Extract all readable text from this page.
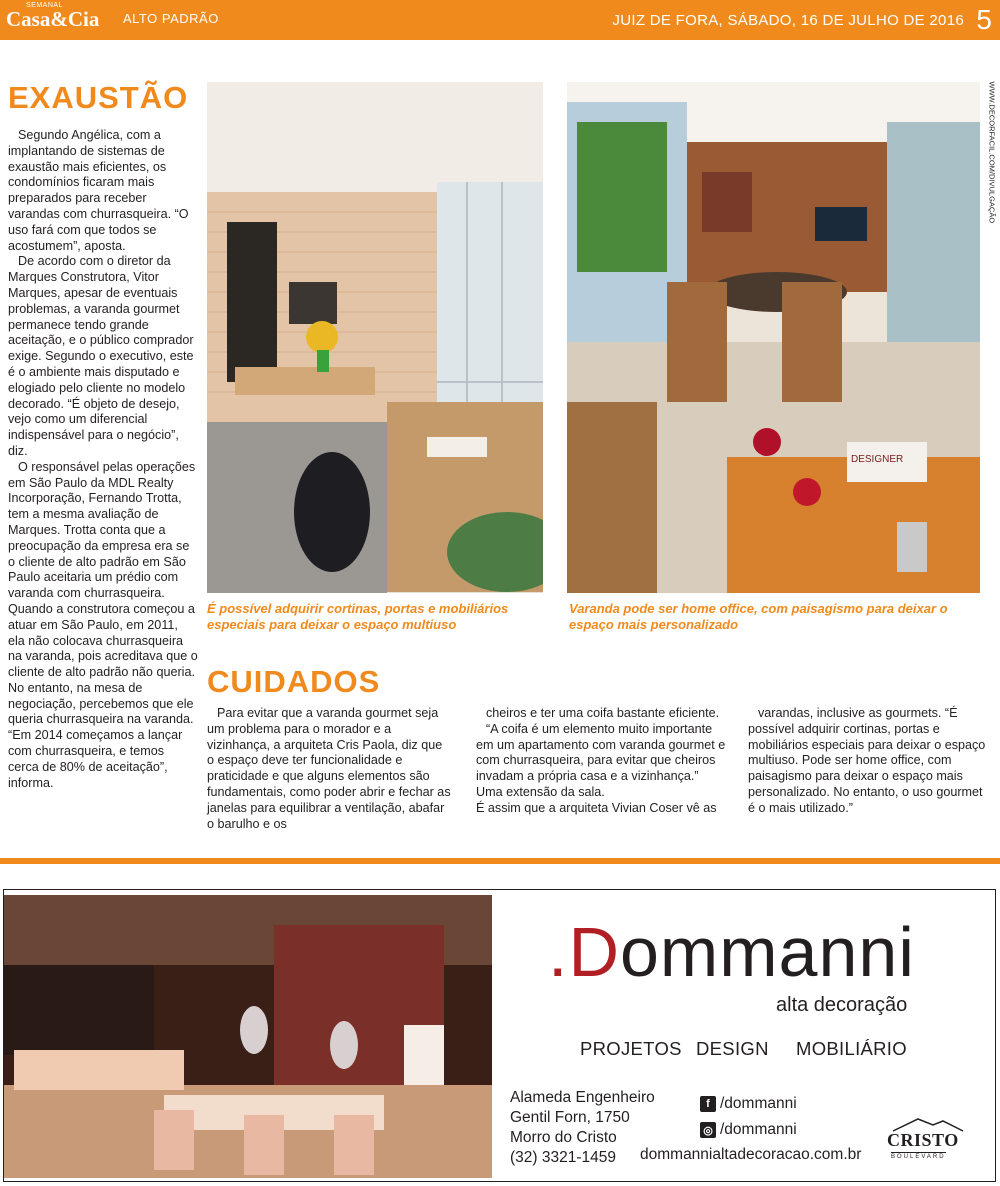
SEMANAL
Casa&Cia ALTO PADRÃO	JUIZ DE FORA, SÁBADO, 16 DE JULHO DE 2016 5
EXAUSTÃO

Segundo Angélica, com a implantando de sistemas de exaustão mais eficientes, os condomínios ficaram mais preparados para receber varandas com churrasqueira. “O uso fará com que todos se acostumem”, aposta.

De acordo com o diretor da Marques Construtora, Vitor Marques, apesar de eventuais problemas, a varanda gourmet permanece tendo grande aceitação, e o público comprador exige. Segundo o executivo, este é o ambiente mais disputado e elogiado pelo cliente no modelo decorado. “É objeto de desejo, vejo como um diferencial indispensável para o negócio”, diz.

O responsável pelas operações em São Paulo da MDL Realty Incorporação, Fernando Trotta, tem a mesma avaliação de Marques. Trotta conta que a preocupação da empresa era se o cliente de alto padrão em São Paulo aceitaria um prédio com varanda com churrasqueira. Quando a construtora começou a atuar em São Paulo, em 2011, ela não colocava churrasqueira na varanda, pois acreditava que o cliente de alto padrão não queria. No entanto, na mesa de negociação, percebemos que ele queria churrasqueira na varanda. “Em 2014 começamos a lançar com churrasqueira, e temos cerca de 80% de aceitação”, informa.

DESIGNER
WWW.DECORFACIL.COM/DIVULGAÇÃO
É possível adquirir cortinas, portas e mobiliários especiais para deixar o espaço multiuso
Varanda pode ser home office, com paisagismo para deixar o espaço mais personalizado
CUIDADOS

Para evitar que a varanda gourmet seja um problema para o morador e a vizinhança, a arquiteta Cris Paola, diz que o espaço deve ter funcionalidade e praticidade e que alguns elementos são fundamentais, como poder abrir e fechar as janelas para equilibrar a ventilação, abafar o barulho e os

cheiros e ter uma coifa bastante eficiente.

“A coifa é um elemento muito importante em um apartamento com varanda gourmet e com churrasqueira, para evitar que cheiros invadam a própria casa e a vizinhança.” Uma extensão da sala.

É assim que a arquiteta Vivian Coser vê as

varandas, inclusive as gourmets. “É possível adquirir cortinas, portas e mobiliários especiais para deixar o espaço multiuso. Pode ser home office, com paisagismo para deixar o espaço mais personalizado. No entanto, o uso gourmet é o mais utilizado.”

.Dommanni
alta decoração
PROJETOS DESIGN MOBILIÁRIO
Alameda Engenheiro
Gentil Forn, 1750
Morro do Cristo
(32) 3321-1459
f /dommanni
◎ /dommanni
dommannialtadecoracao.com.br
CRISTO
BOULEVARD
